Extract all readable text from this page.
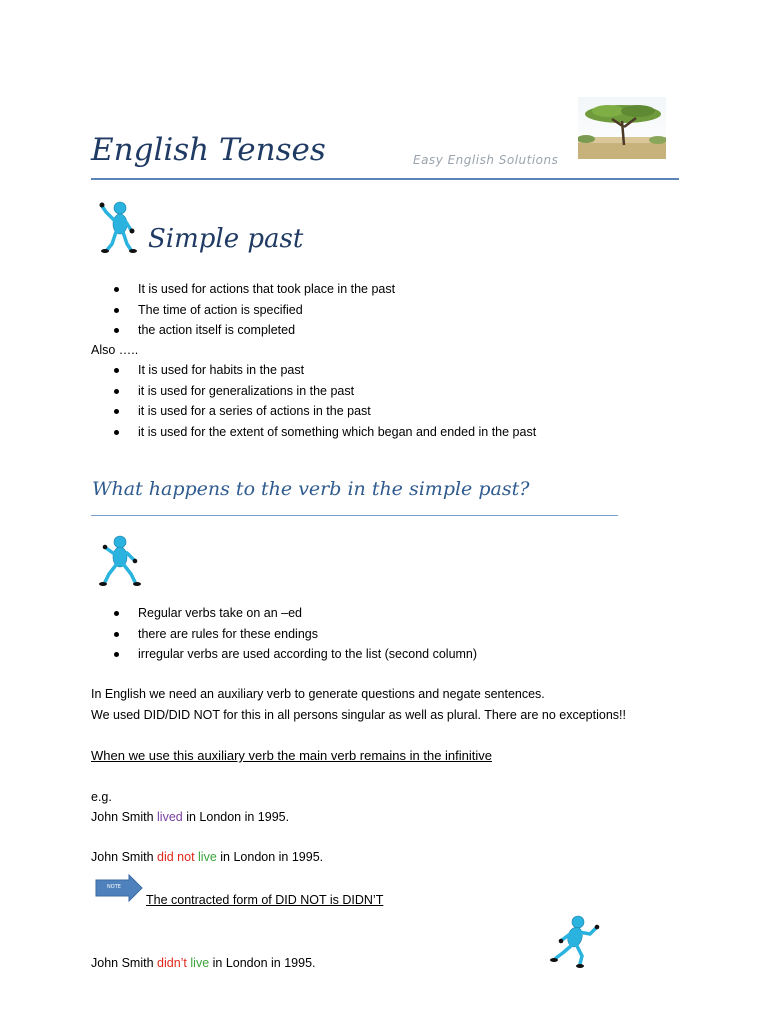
English Tenses	Easy English Solutions
Simple past
It is used for actions that took place in the past
The time of action is specified
the action itself is completed
Also …..
It is used for habits in the past
it is used for generalizations in the past
it is used for a series of actions in the past
it is used for the extent of something which began and ended in the past
What happens to the verb in the simple past?
Regular verbs take on an –ed
there are rules for these endings
irregular verbs are used according to the list (second column)
In English we need an auxiliary verb to generate questions and negate sentences.
We used DID/DID NOT for this in all persons singular as well as plural. There are no exceptions!!
When we use this auxiliary verb the main verb remains in the infinitive
e.g.
John Smith lived in London in 1995.
John Smith did not live in London in 1995.
NOTE
The contracted form of DID NOT is DIDN’T
John Smith didn’t live in London in 1995.
